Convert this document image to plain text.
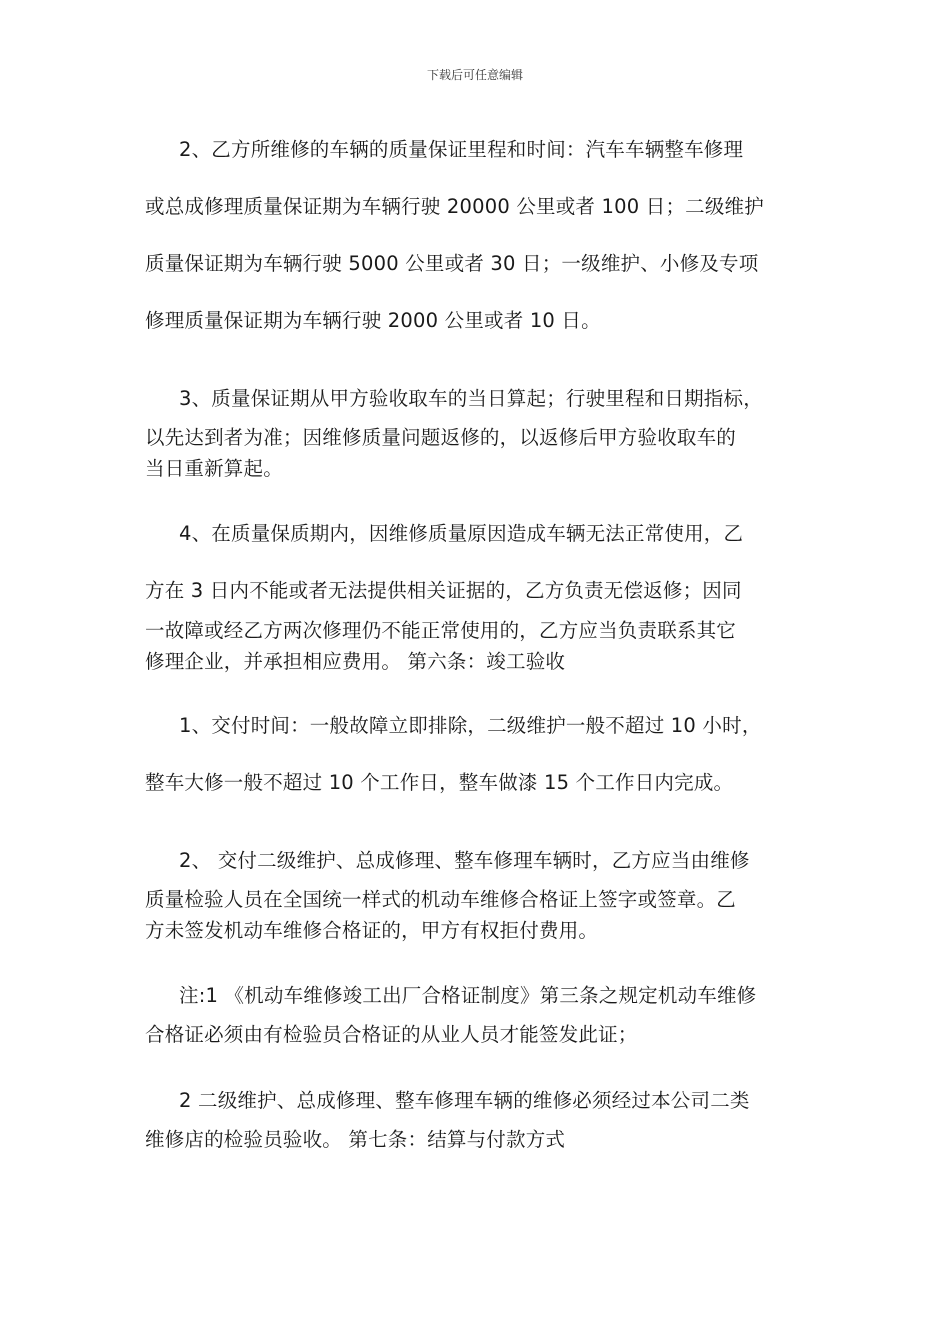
下载后可任意编辑
2、乙方所维修的车辆的质量保证里程和时间：汽车车辆整车修理
或总成修理质量保证期为车辆行驶 20000 公里或者 100 日；二级维护
质量保证期为车辆行驶 5000 公里或者 30 日；一级维护、小修及专项
修理质量保证期为车辆行驶 2000 公里或者 10 日。
3、质量保证期从甲方验收取车的当日算起；行驶里程和日期指标，
以先达到者为准；因维修质量问题返修的，以返修后甲方验收取车的
当日重新算起。
4、在质量保质期内，因维修质量原因造成车辆无法正常使用，乙
方在 3 日内不能或者无法提供相关证据的，乙方负责无偿返修；因同
一故障或经乙方两次修理仍不能正常使用的，乙方应当负责联系其它
修理企业，并承担相应费用。 第六条：竣工验收
1、交付时间：一般故障立即排除，二级维护一般不超过 10 小时，
整车大修一般不超过 10 个工作日，整车做漆 15 个工作日内完成。
2、 交付二级维护、总成修理、整车修理车辆时，乙方应当由维修
质量检验人员在全国统一样式的机动车维修合格证上签字或签章。乙
方未签发机动车维修合格证的，甲方有权拒付费用。
注:1 《机动车维修竣工出厂合格证制度》第三条之规定机动车维修
合格证必须由有检验员合格证的从业人员才能签发此证；
2 二级维护、总成修理、整车修理车辆的维修必须经过本公司二类
维修店的检验员验收。 第七条：结算与付款方式
